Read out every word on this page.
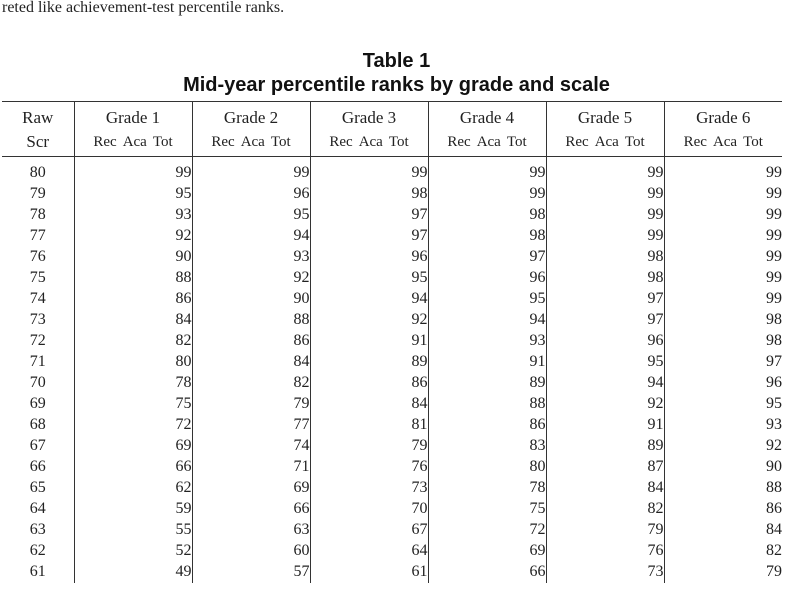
reted like achievement-test percentile ranks.
Table 1
Mid-year percentile ranks by grade and scale
Raw	Grade 1	Grade 2	Grade 3	Grade 4	Grade 5	Grade 6
Scr	Rec Aca Tot	Rec Aca Tot	Rec Aca Tot	Rec Aca Tot	Rec Aca Tot	Rec Aca Tot
80	99	99	99	99	99	99
79	95	96	98	99	99	99
78	93	95	97	98	99	99
77	92	94	97	98	99	99
76	90	93	96	97	98	99
75	88	92	95	96	98	99
74	86	90	94	95	97	99
73	84	88	92	94	97	98
72	82	86	91	93	96	98
71	80	84	89	91	95	97
70	78	82	86	89	94	96
69	75	79	84	88	92	95
68	72	77	81	86	91	93
67	69	74	79	83	89	92
66	66	71	76	80	87	90
65	62	69	73	78	84	88
64	59	66	70	75	82	86
63	55	63	67	72	79	84
62	52	60	64	69	76	82
61	49	57	61	66	73	79
